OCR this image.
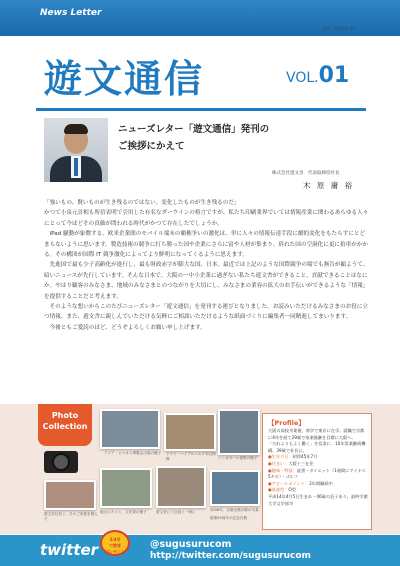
News Letter
発行　2010年 6月
遊文通信	VOL.01
ニューズレター「遊文通信」発刊の
ご挨拶にかえて
株式会社遊文舎　代表取締役社長
木 原 庸 裕

「強いもの、賢いものが生き残るのではない。変化したものが生き残るのだ」

かつて小泉元首相も所信表明で引用した有名なダーウインの格言ですが、私たち印刷業界でいては情報産業に関わるあらゆる人々にとって今ほどその真価が問われる時代がかつて存在したでしょうか。

iPad 騒動が象徴する、欧米企業間のモバイル端末の覇権争いの激化は、単に人々の情報伝達手段に劇的変化をもたらすにとどまらないように思います。製造技術の競争に打ち勝った国や企業にさらに富や人材が集まり、砕れた国の空洞化に更に拍車がかかる。その構図が国際 IT 競争激化によってより鮮明になってくるように思えます。

先進国で最も少子高齢化が進行し、最も財政赤字が膨大な国、日本。最近では上記のような国際競争の場でも無告が顕ようて、暗いニュースが先行しています。そんな日本で、大阪の一中小企業に過ぎない私たち遊文舎ができること、貢献できることはなにか。やはり顧客のみなさま、地域のみなさまとのつながりを大切にし、みなさまの業容の拡大のお手伝いができるような「情報」を提供することだと考えます。

そのような想いからこのたびニューズレター「遊文通信」を発刊する運びとなりました。お読みいただけるみなさまのお役に立つ情報、また、遊文舎に親しんでいただける気軽にご相談いただけるような紙面づくりに編集者一同精進してまいります。

今後ともご愛読のほど、どうぞよろしくお願い申し上げます。

Photo
Collection
アジア・ビジネス博覧会出展の様子 ドイツ・ハイデルベルグ本社研修	シンガポール視察の様子
遊文舎社長と、そのご家族を囲んで
地元の方々と、文化祭の様子	遊文舎にて社員と一緒に	2006年、京都出張の際の写真
創業40周年の記念式典
【Profile】
大阪の高校卒業後、商学で東京に在学。就職で京都に4年を経て29歳で家業後継を目標に大阪へ。
「だれよりもよく働く」を信条に、10年常業継続機構。39歳で社長に。
●生年月日：昭和45年7月
●住まい：大阪十三在住
●趣味・特技：読書・ダイエット（1週間にマイナス5キロ）・ゴルフ
●アピールポイント：2年間継続中
●血液型：O型
平成14年4月5日生まれ・46歳の息子あり。最終学歴 大学文学部卒
twitter
3/4号
で読者
プレゼント
@sugusurucom
http://twitter.com/sugusurucom
